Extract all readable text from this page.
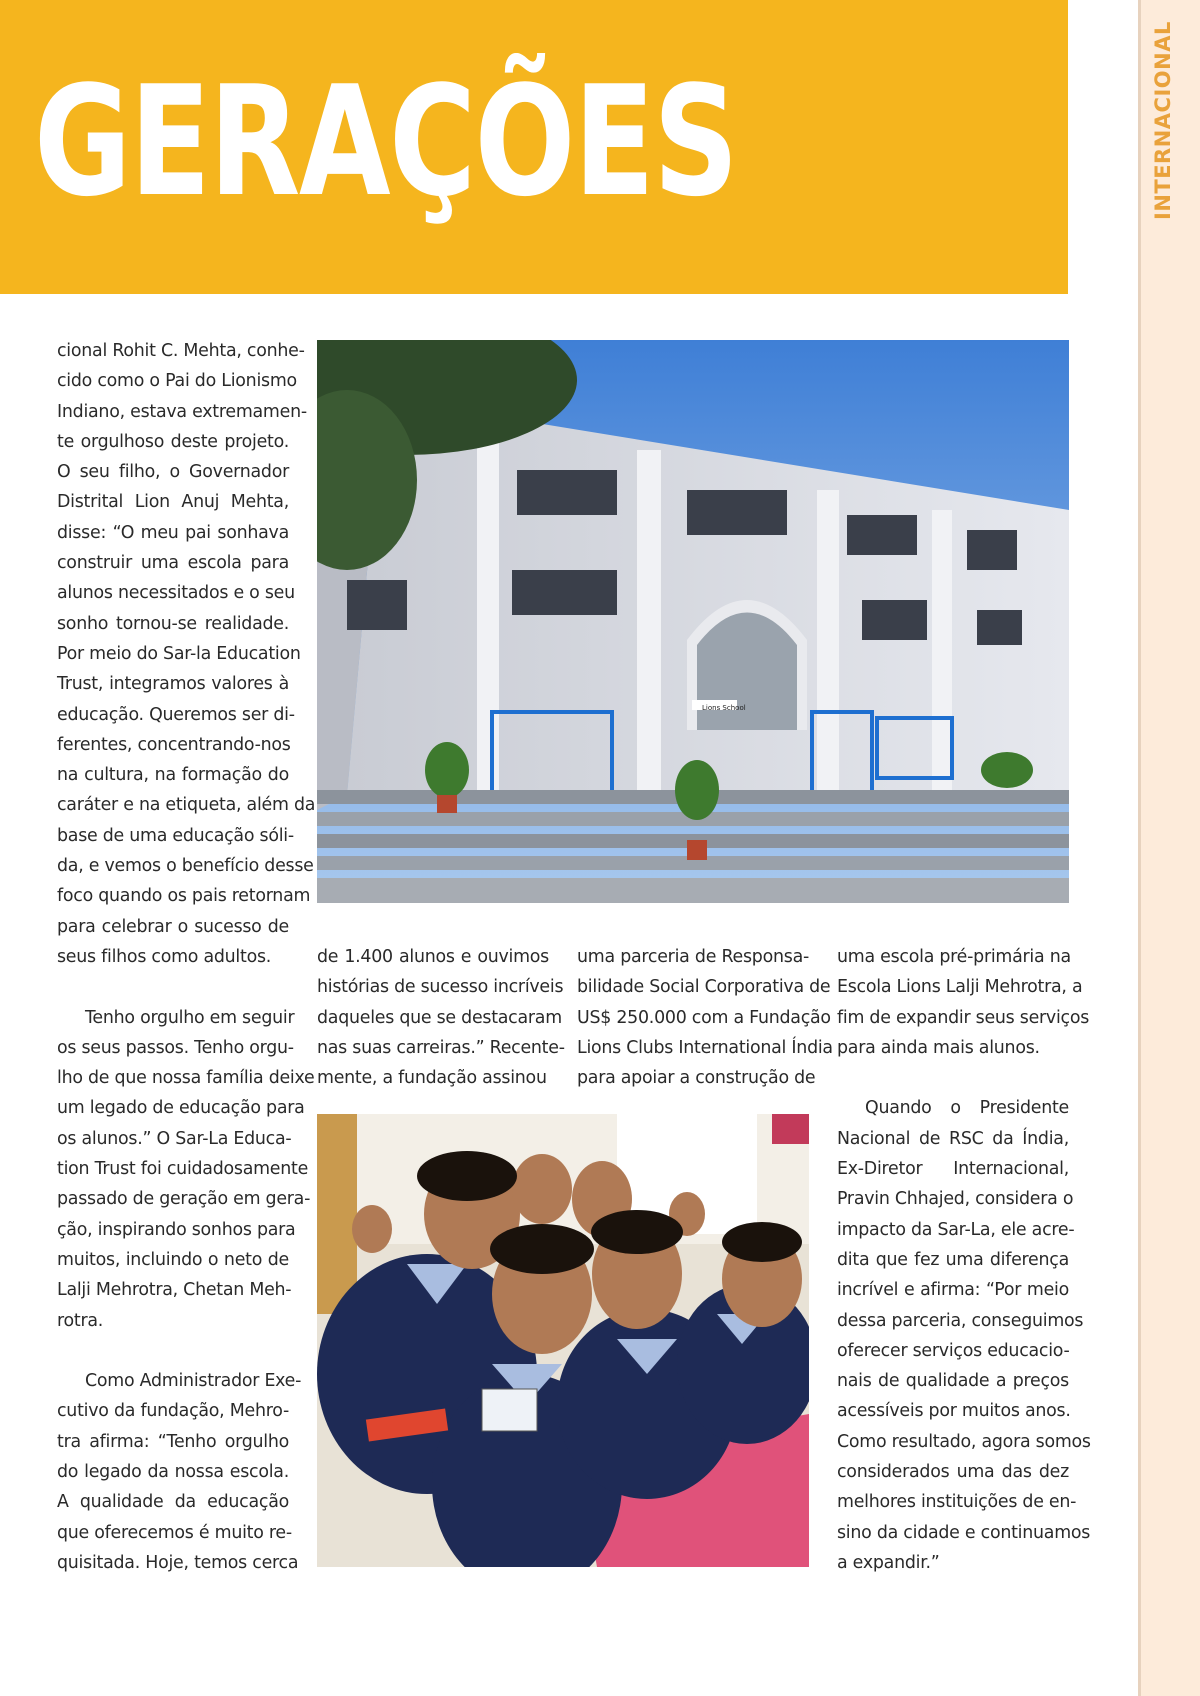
GERAÇÕES	INTERNACIONAL
cional Rohit C. Mehta, conhe-
cido como o Pai do Lionismo
Indiano, estava extremamen-
te orgulhoso deste projeto.
O seu filho, o Governador
Distrital Lion Anuj Mehta,
disse: “O meu pai sonhava
construir uma escola para
alunos necessitados e o seu
sonho tornou-se realidade.
Por meio do Sar-la Education
Trust, integramos valores à
educação. Queremos ser di-
ferentes, concentrando-nos
na cultura, na formação do
caráter e na etiqueta, além da
base de uma educação sóli-
da, e vemos o benefício desse
foco quando os pais retornam
para celebrar o sucesso de
seus filhos como adultos.
Tenho orgulho em seguir
os seus passos. Tenho orgu-
lho de que nossa família deixe
um legado de educação para
os alunos.” O Sar-La Educa-
tion Trust foi cuidadosamente
passado de geração em gera-
ção, inspirando sonhos para
muitos, incluindo o neto de
Lalji Mehrotra, Chetan Meh-
rotra.
Como Administrador Exe-
cutivo da fundação, Mehro-
tra afirma: “Tenho orgulho
do legado da nossa escola.
A qualidade da educação
que oferecemos é muito re-
quisitada. Hoje, temos cerca
de 1.400 alunos e ouvimos
histórias de sucesso incríveis
daqueles que se destacaram
nas suas carreiras.” Recente-
mente, a fundação assinou
uma parceria de Responsa-
bilidade Social Corporativa de
US$ 250.000 com a Fundação
Lions Clubs International Índia
para apoiar a construção de
uma escola pré-primária na
Escola Lions Lalji Mehrotra, a
fim de expandir seus serviços
para ainda mais alunos.
Quando o Presidente
Nacional de RSC da Índia,
Ex-Diretor Internacional,
Pravin Chhajed, considera o
impacto da Sar-La, ele acre-
dita que fez uma diferença
incrível e afirma: “Por meio
dessa parceria, conseguimos
oferecer serviços educacio-
nais de qualidade a preços
acessíveis por muitos anos.
Como resultado, agora somos
considerados uma das dez
melhores instituições de en-
sino da cidade e continuamos
a expandir.”
Lions School
